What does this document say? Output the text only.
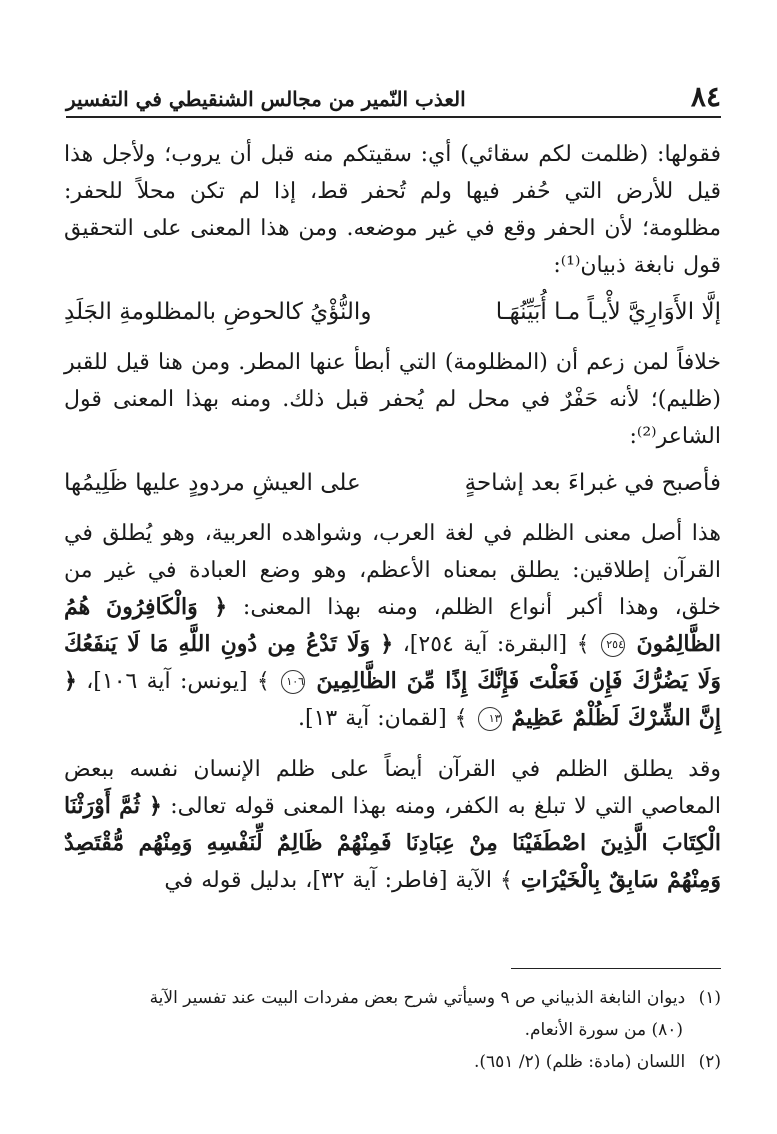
٨٤
العذب النّمير من مجالس الشنقيطي في التفسير

فقولها: (ظلمت لكم سقائي) أي: سقيتكم منه قبل أن يروب؛ ولأجل هذا قيل للأرض التي حُفر فيها ولم تُحفر قط، إذا لم تكن محلاً للحفر: مظلومة؛ لأن الحفر وقع في غير موضعه. ومن هذا المعنى على التحقيق قول نابغة ذبيان⁽¹⁾:

إلَّا الأَوَارِيَّ لأْيـاً مـا أُبَيِّنُهَـا
والنُّؤْيُ كالحوضِ بالمظلومةِ الجَلَدِ

خلافاً لمن زعم أن (المظلومة) التي أبطأ عنها المطر. ومن هنا قيل للقبر (ظليم)؛ لأنه حَفْرٌ في محل لم يُحفر قبل ذلك. ومنه بهذا المعنى قول الشاعر⁽²⁾:

فأصبح في غبراءَ بعد إشاحةٍ
على العيشِ مردودٍ عليها ظَلِيمُها

هذا أصل معنى الظلم في لغة العرب، وشواهده العربية، وهو يُطلق في القرآن إطلاقين: يطلق بمعناه الأعظم، وهو وضع العبادة في غير من خلق، وهذا أكبر أنواع الظلم، ومنه بهذا المعنى: ﴿ وَالْكَافِرُونَ هُمُ الظَّالِمُونَ ٢٥٤ ﴾ [البقرة: آية ٢٥٤]، ﴿ وَلَا تَدْعُ مِن دُونِ اللَّهِ مَا لَا يَنفَعُكَ وَلَا يَضُرُّكَ فَإِن فَعَلْتَ فَإِنَّكَ إِذًا مِّنَ الظَّالِمِينَ ١٠٦ ﴾ [يونس: آية ١٠٦]، ﴿ إِنَّ الشِّرْكَ لَظُلْمٌ عَظِيمٌ ١٣ ﴾ [لقمان: آية ١٣].

وقد يطلق الظلم في القرآن أيضاً على ظلم الإنسان نفسه ببعض المعاصي التي لا تبلغ به الكفر، ومنه بهذا المعنى قوله تعالى: ﴿ ثُمَّ أَوْرَثْنَا الْكِتَابَ الَّذِينَ اصْطَفَيْنَا مِنْ عِبَادِنَا فَمِنْهُمْ ظَالِمٌ لِّنَفْسِهِ وَمِنْهُم مُّقْتَصِدٌ وَمِنْهُمْ سَابِقٌ بِالْخَيْرَاتِ ﴾ الآية [فاطر: آية ٣٢]، بدليل قوله في

(١) ديوان النابغة الذبياني ص ٩ وسيأتي شرح بعض مفردات البيت عند تفسير الآية

(٨٠) من سورة الأنعام.

(٢) اللسان (مادة: ظلم) (٢/ ٦٥١).
